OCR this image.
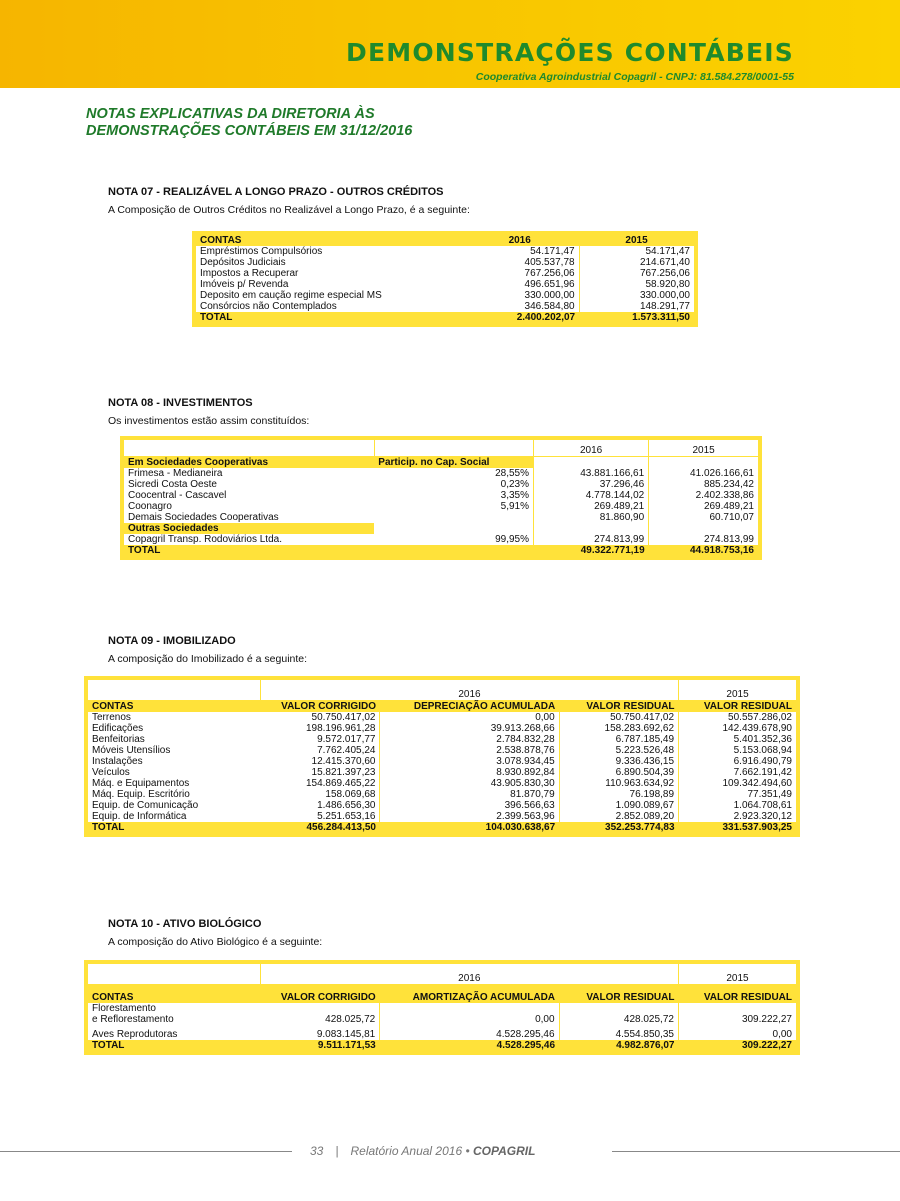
DEMONSTRAÇÕES CONTÁBEIS
Cooperativa Agroindustrial Copagril - CNPJ: 81.584.278/0001-55
NOTAS EXPLICATIVAS DA DIRETORIA ÀS
DEMONSTRAÇÕES CONTÁBEIS EM 31/12/2016
NOTA 07 - REALIZÁVEL A LONGO PRAZO - OUTROS CRÉDITOS
A Composição de Outros Créditos no Realizável a Longo Prazo, é a seguinte:
CONTAS	2016	2015
Empréstimos Compulsórios	54.171,47	54.171,47
Depósitos Judiciais	405.537,78	214.671,40
Impostos a Recuperar	767.256,06	767.256,06
Imóveis p/ Revenda	496.651,96	58.920,80
Deposito em caução regime especial MS	330.000,00	330.000,00
Consórcios não Contemplados	346.584,80	148.291,77
TOTAL	2.400.202,07	1.573.311,50
NOTA 08 - INVESTIMENTOS
Os investimentos estão assim constituídos:
		2016	2015
Em Sociedades Cooperativas	Particip. no Cap. Social		
Frimesa - Medianeira	28,55%	43.881.166,61	41.026.166,61
Sicredi Costa Oeste	0,23%	37.296,46	885.234,42
Coocentral - Cascavel	3,35%	4.778.144,02	2.402.338,86
Coonagro	5,91%	269.489,21	269.489,21
Demais Sociedades Cooperativas		81.860,90	60.710,07
Outras Sociedades			
Copagril Transp. Rodoviários Ltda.	99,95%	274.813,99	274.813,99
TOTAL		49.322.771,19	44.918.753,16
NOTA 09 - IMOBILIZADO
A composição do Imobilizado é a seguinte:
	2016			2015
CONTAS	VALOR CORRIGIDO	DEPRECIAÇÃO ACUMULADA	VALOR RESIDUAL	VALOR RESIDUAL
Terrenos	50.750.417,02	0,00	50.750.417,02	50.557.286,02
Edificações	198.196.961,28	39.913.268,66	158.283.692,62	142.439.678,90
Benfeitorias	9.572.017,77	2.784.832,28	6.787.185,49	5.401.352,36
Móveis Utensílios	7.762.405,24	2.538.878,76	5.223.526,48	5.153.068,94
Instalações	12.415.370,60	3.078.934,45	9.336.436,15	6.916.490,79
Veículos	15.821.397,23	8.930.892,84	6.890.504,39	7.662.191,42
Máq. e Equipamentos	154.869.465,22	43.905.830,30	110.963.634,92	109.342.494,60
Máq. Equip. Escritório	158.069,68	81.870,79	76.198,89	77.351,49
Equip. de Comunicação	1.486.656,30	396.566,63	1.090.089,67	1.064.708,61
Equip. de Informática	5.251.653,16	2.399.563,96	2.852.089,20	2.923.320,12
TOTAL	456.284.413,50	104.030.638,67	352.253.774,83	331.537.903,25
NOTA 10 - ATIVO BIOLÓGICO
A composição do Ativo Biológico é a seguinte:
	2016			2015
CONTAS	VALOR CORRIGIDO	AMORTIZAÇÃO ACUMULADA	VALOR RESIDUAL	VALOR RESIDUAL
Florestamento				
e Reflorestamento	428.025,72	0,00	428.025,72	309.222,27
Aves Reprodutoras	9.083.145,81	4.528.295,46	4.554.850,35	0,00
TOTAL	9.511.171,53	4.528.295,46	4.982.876,07	309.222,27
33 | Relatório Anual 2016 • COPAGRIL
